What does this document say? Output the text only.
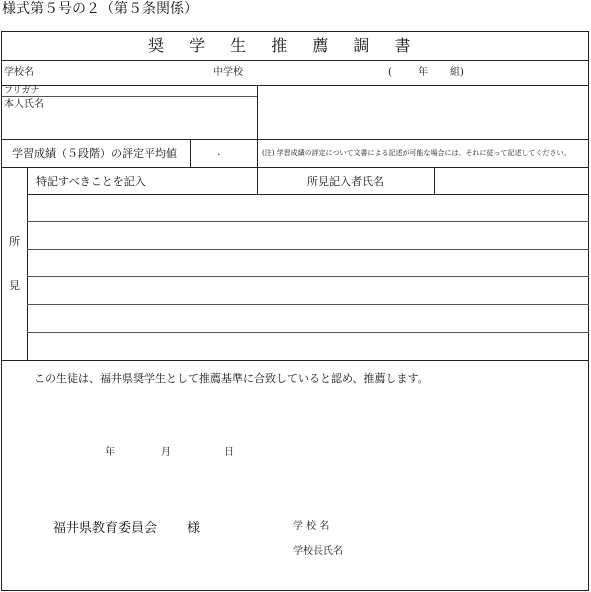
様式第５号の２（第５条関係）
奨 学 生 推 薦 調 書
学校名	中学校	(	年 組)
フリガナ
本人氏名
学習成績（５段階）の評定平均値	.	(注) 学習成績の評定について文書による記述が可能な場合には、それに従って記述してください。
所
見
特記すべきことを記入	所見記入者氏名
この生徒は、福井県奨学生として推薦基準に合致していると認め、推薦します。
年	月	日
福井県教育委員会 様	学 校 名
学校長氏名
